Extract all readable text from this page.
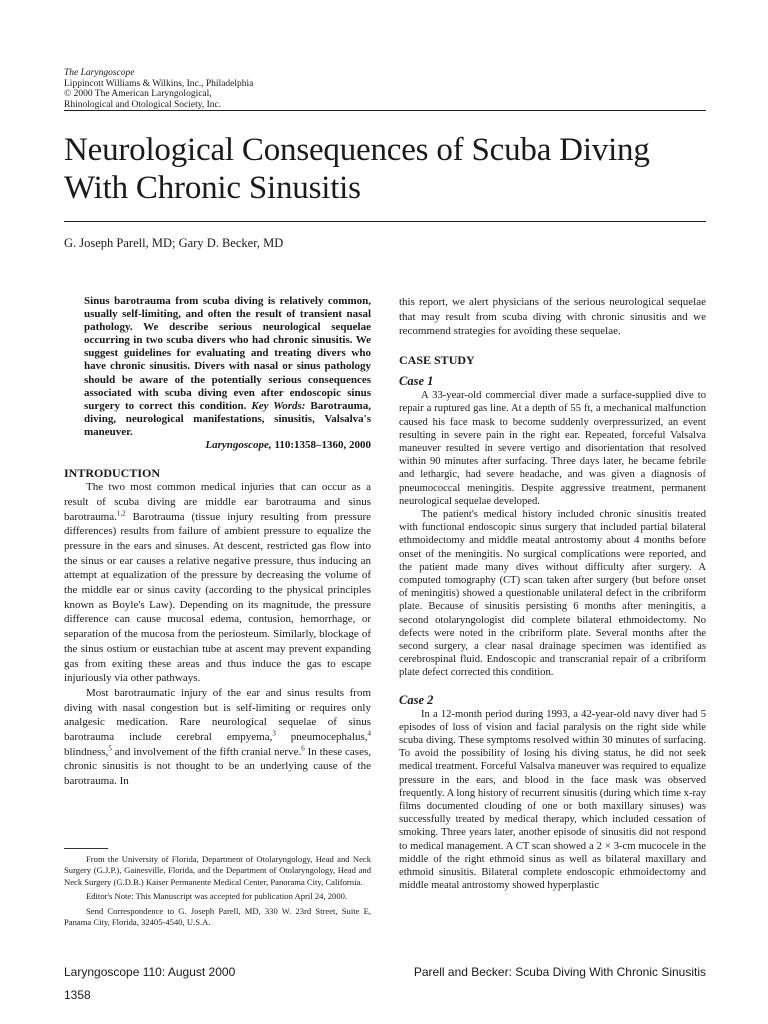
The Laryngoscope
Lippincott Williams & Wilkins, Inc., Philadelphia
© 2000 The American Laryngological,
Rhinological and Otological Society, Inc.
Neurological Consequences of Scuba Diving With Chronic Sinusitis
G. Joseph Parell, MD; Gary D. Becker, MD

Sinus barotrauma from scuba diving is relatively common, usually self-limiting, and often the result of transient nasal pathology. We describe serious neurological sequelae occurring in two scuba divers who had chronic sinusitis. We suggest guidelines for evaluating and treating divers who have chronic sinusitis. Divers with nasal or sinus pathology should be aware of the potentially serious consequences associated with scuba diving even after endoscopic sinus surgery to correct this condition. Key Words: Barotrauma, diving, neurological manifestations, sinusitis, Valsalva's maneuver.

Laryngoscope, 110:1358–1360, 2000

INTRODUCTION

The two most common medical injuries that can occur as a result of scuba diving are middle ear barotrauma and sinus barotrauma.$^{1,2}$ Barotrauma (tissue injury resulting from pressure differences) results from failure of ambient pressure to equalize the pressure in the ears and sinuses. At descent, restricted gas flow into the sinus or ear causes a relative negative pressure, thus inducing an attempt at equalization of the pressure by decreasing the volume of the middle ear or sinus cavity (according to the physical principles known as Boyle's Law). Depending on its magnitude, the pressure difference can cause mucosal edema, contusion, hemorrhage, or separation of the mucosa from the periosteum. Similarly, blockage of the sinus ostium or eustachian tube at ascent may prevent expanding gas from exiting these areas and thus induce the gas to escape injuriously via other pathways.

Most barotraumatic injury of the ear and sinus results from diving with nasal congestion but is self-limiting or requires only analgesic medication. Rare neurological sequelae of sinus barotrauma include cerebral empyema,$^3$ pneumocephalus,$^4$ blindness,$^5$ and involvement of the fifth cranial nerve.$^6$ In these cases, chronic sinusitis is not thought to be an underlying cause of the barotrauma. In

this report, we alert physicians of the serious neurological sequelae that may result from scuba diving with chronic sinusitis and we recommend strategies for avoiding these sequelae.

CASE STUDY
Case 1

A 33-year-old commercial diver made a surface-supplied dive to repair a ruptured gas line. At a depth of 55 ft, a mechanical malfunction caused his face mask to become suddenly overpressurized, an event resulting in severe pain in the right ear. Repeated, forceful Valsalva maneuver resulted in severe vertigo and disorientation that resolved within 90 minutes after surfacing. Three days later, he became febrile and lethargic, had severe headache, and was given a diagnosis of pneumococcal meningitis. Despite aggressive treatment, permanent neurological sequelae developed.

The patient's medical history included chronic sinusitis treated with functional endoscopic sinus surgery that included partial bilateral ethmoidectomy and middle meatal antrostomy about 4 months before onset of the meningitis. No surgical complications were reported, and the patient made many dives without difficulty after surgery. A computed tomography (CT) scan taken after surgery (but before onset of meningitis) showed a questionable unilateral defect in the cribriform plate. Because of sinusitis persisting 6 months after meningitis, a second otolaryngologist did complete bilateral ethmoidectomy. No defects were noted in the cribriform plate. Several months after the second surgery, a clear nasal drainage specimen was identified as cerebrospinal fluid. Endoscopic and transcranial repair of a cribriform plate defect corrected this condition.

Case 2

In a 12-month period during 1993, a 42-year-old navy diver had 5 episodes of loss of vision and facial paralysis on the right side while scuba diving. These symptoms resolved within 30 minutes of surfacing. To avoid the possibility of losing his diving status, he did not seek medical treatment. Forceful Valsalva maneuver was required to equalize pressure in the ears, and blood in the face mask was observed frequently. A long history of recurrent sinusitis (during which time x-ray films documented clouding of one or both maxillary sinuses) was successfully treated by medical therapy, which included cessation of smoking. Three years later, another episode of sinusitis did not respond to medical management. A CT scan showed a 2 × 3-cm mucocele in the middle of the right ethmoid sinus as well as bilateral maxillary and ethmoid sinusitis. Bilateral complete endoscopic ethmoidectomy and middle meatal antrostomy showed hyperplastic

From the University of Florida, Department of Otolaryngology, Head and Neck Surgery (G.J.P.), Gainesville, Florida, and the Department of Otolaryngology, Head and Neck Surgery (G.D.B.) Kaiser Permanente Medical Center, Panorama City, California.

Editor's Note: This Manuscript was accepted for publication April 24, 2000.

Send Correspondence to G. Joseph Parell, MD, 330 W. 23rd Street, Suite E, Panama City, Florida, 32405-4540, U.S.A.

Laryngoscope 110: August 2000
1358
Parell and Becker: Scuba Diving With Chronic Sinusitis
